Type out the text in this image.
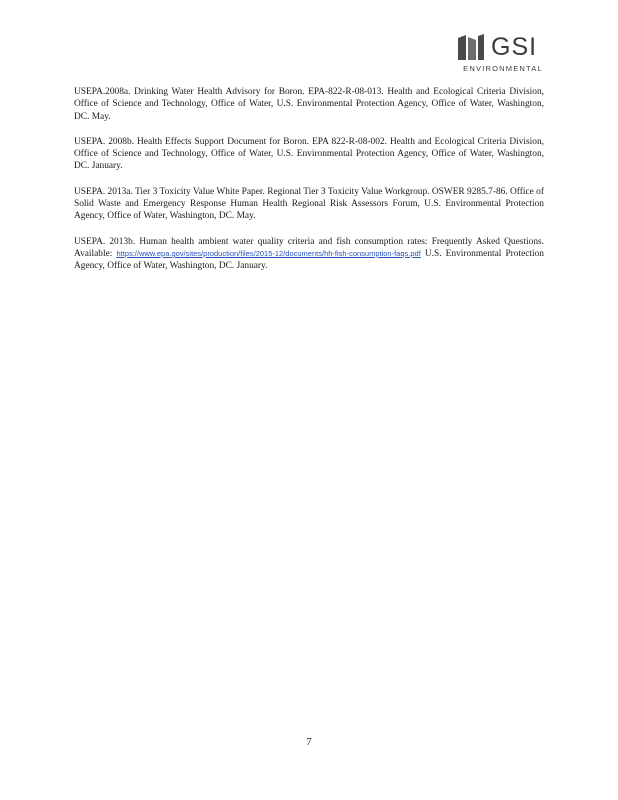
GSI
ENVIRONMENTAL

USEPA.2008a. Drinking Water Health Advisory for Boron. EPA-822-R-08-013. Health and Ecological Criteria Division, Office of Science and Technology, Office of Water, U.S. Environmental Protection Agency, Office of Water, Washington, DC. May.

USEPA. 2008b. Health Effects Support Document for Boron. EPA 822-R-08-002. Health and Ecological Criteria Division, Office of Science and Technology, Office of Water, U.S. Environmental Protection Agency, Office of Water, Washington, DC. January.

USEPA. 2013a. Tier 3 Toxicity Value White Paper. Regional Tier 3 Toxicity Value Workgroup. OSWER 9285.7-86. Office of Solid Waste and Emergency Response Human Health Regional Risk Assessors Forum, U.S. Environmental Protection Agency, Office of Water, Washington, DC. May.

USEPA. 2013b. Human health ambient water quality criteria and fish consumption rates: Frequently Asked Questions. Available: https://www.epa.gov/sites/production/files/2015-12/documents/hh-fish-consumption-faqs.pdf U.S. Environmental Protection Agency, Office of Water, Washington, DC. January.

7
